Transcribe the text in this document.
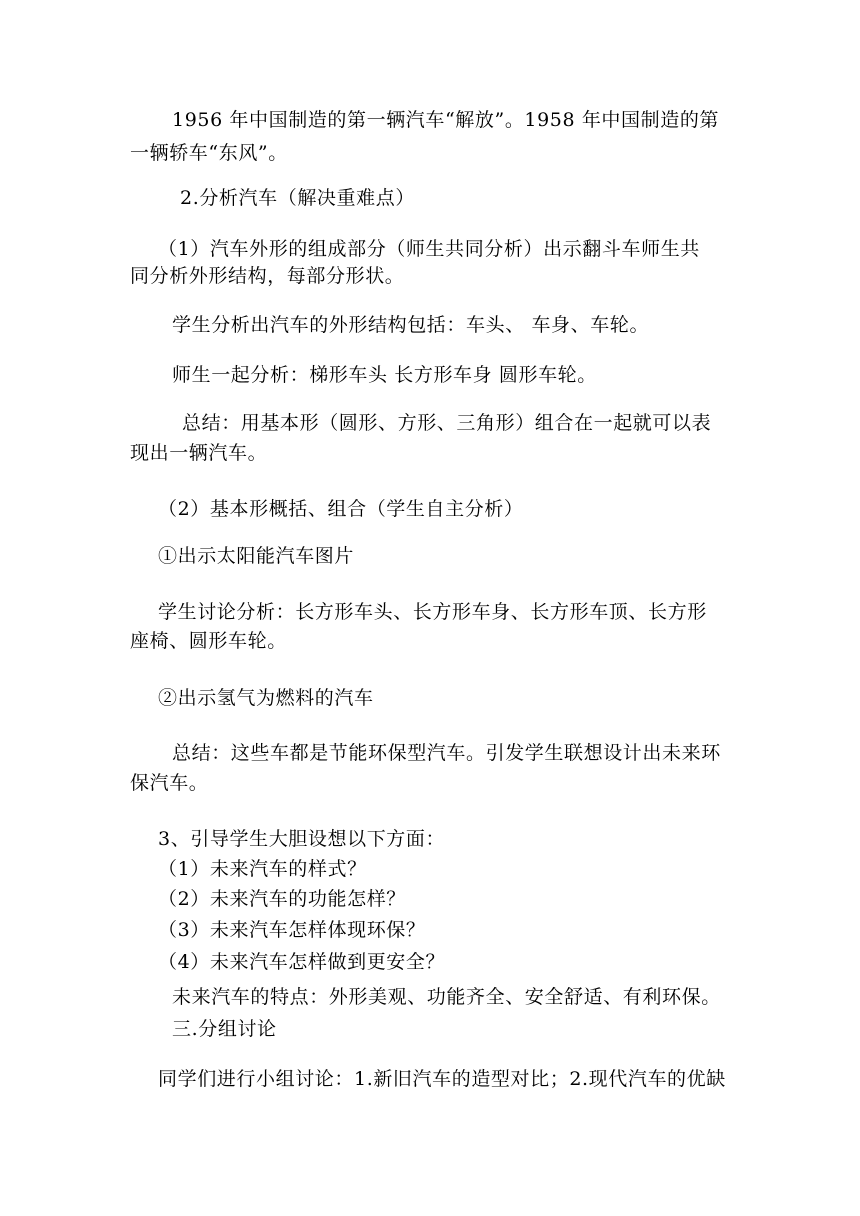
1956 年中国制造的第一辆汽车“解放”。1958 年中国制造的第
一辆轿车“东风”。
2.分析汽车（解决重难点）
（1）汽车外形的组成部分（师生共同分析）出示翻斗车师生共
同分析外形结构，每部分形状。
学生分析出汽车的外形结构包括：车头、 车身、车轮。
师生一起分析：梯形车头 长方形车身 圆形车轮。
总结：用基本形（圆形、方形、三角形）组合在一起就可以表
现出一辆汽车。
（2）基本形概括、组合（学生自主分析）
①出示太阳能汽车图片
学生讨论分析：长方形车头、长方形车身、长方形车顶、长方形
座椅、圆形车轮。
②出示氢气为燃料的汽车
总结：这些车都是节能环保型汽车。引发学生联想设计出未来环
保汽车。
3、引导学生大胆设想以下方面：
（1）未来汽车的样式？
（2）未来汽车的功能怎样？
（3）未来汽车怎样体现环保？
（4）未来汽车怎样做到更安全？
未来汽车的特点：外形美观、功能齐全、安全舒适、有利环保。
三.分组讨论
同学们进行小组讨论：1.新旧汽车的造型对比；2.现代汽车的优缺
